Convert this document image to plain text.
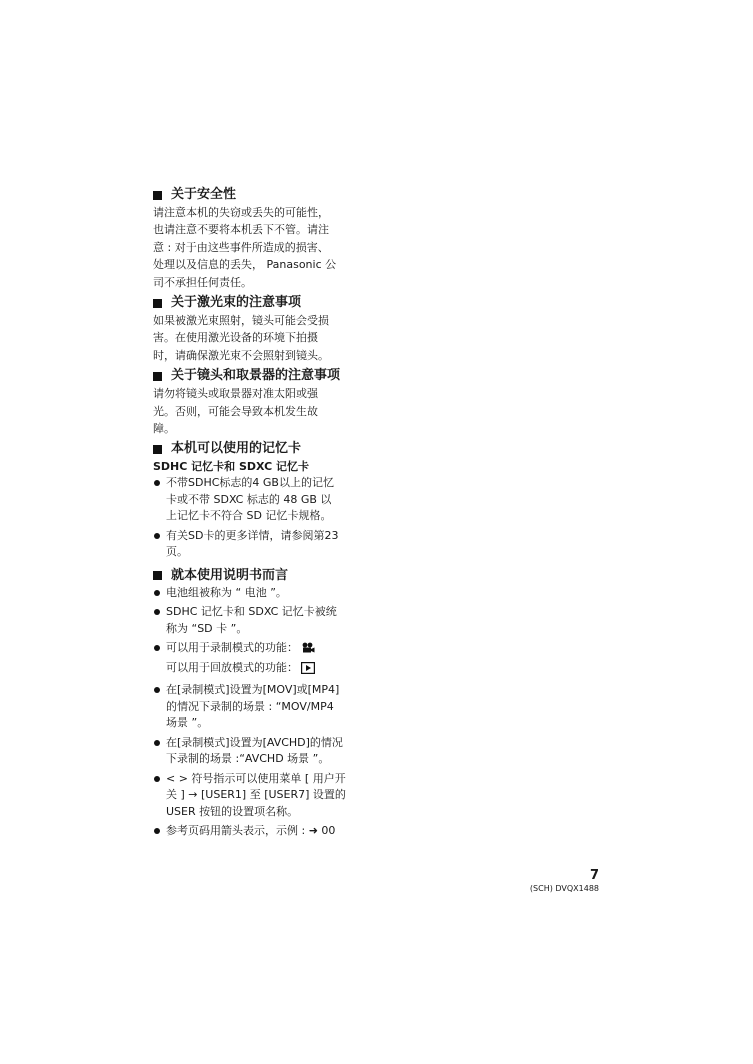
关于安全性
请注意本机的失窃或丢失的可能性，
也请注意不要将本机丢下不管。请注
意 : 对于由这些事件所造成的损害、
处理以及信息的丢失， Panasonic 公
司不承担任何责任。
关于激光束的注意事项
如果被激光束照射，镜头可能会受损
害。在使用激光设备的环境下拍摄
时，请确保激光束不会照射到镜头。
关于镜头和取景器的注意事项
请勿将镜头或取景器对准太阳或强
光。否则，可能会导致本机发生故
障。
本机可以使用的记忆卡
SDHC 记忆卡和 SDXC 记忆卡
不带SDHC标志的4 GB以上的记忆
卡或不带 SDXC 标志的 48 GB 以
上记忆卡不符合 SD 记忆卡规格。
有关SD卡的更多详情，请参阅第23
页。
就本使用说明书而言
电池组被称为 “ 电池 ”。
SDHC 记忆卡和 SDXC 记忆卡被统
称为 “SD 卡 ”。
可以用于录制模式的功能：
可以用于回放模式的功能：
在[录制模式]设置为[MOV]或[MP4]
的情况下录制的场景 : “MOV/MP4
场景 ”。
在[录制模式]设置为[AVCHD]的情况
下录制的场景 :“AVCHD 场景 ”。
< > 符号指示可以使用菜单 [ 用户开
关 ] → [USER1] 至 [USER7] 设置的
USER 按钮的设置项名称。
参考页码用箭头表示，示例 : ➜ 00
7
(SCH) DVQX1488
